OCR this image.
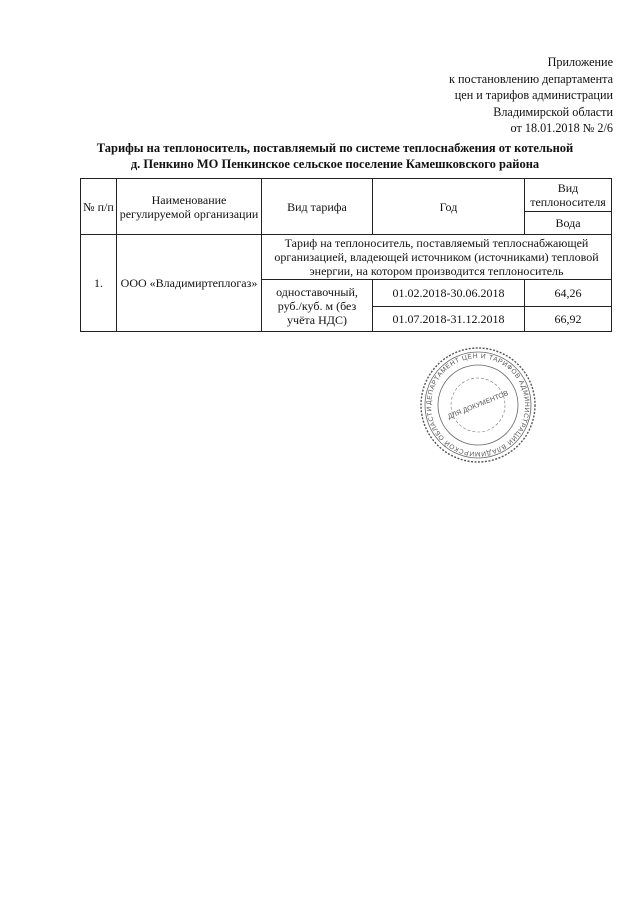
Приложение
к постановлению департамента
цен и тарифов администрации
Владимирской области
от 18.01.2018 № 2/6
Тарифы на теплоноситель, поставляемый по системе теплоснабжения от котельной
д. Пенкино МО Пенкинское сельское поселение Камешковского района
№ п/п	Наименование регулируемой организации	Вид тарифа	Год	Вид теплоносителя
				Вода
1.	ООО «Владимиртеплогаз»	Тариф на теплоноситель, поставляемый теплоснабжающей организацией, владеющей источником (источниками) тепловой энергии, на котором производится теплоноситель		
		одноставочный, руб./куб. м (без учёта НДС)	01.02.2018-30.06.2018	64,26
			01.07.2018-31.12.2018	66,92
ДЕПАРТАМЕНТ ЦЕН И ТАРИФОВ АДМИНИСТРАЦИИ ВЛАДИМИРСКОЙ ОБЛАСТИ	ДЛЯ ДОКУМЕНТОВ
